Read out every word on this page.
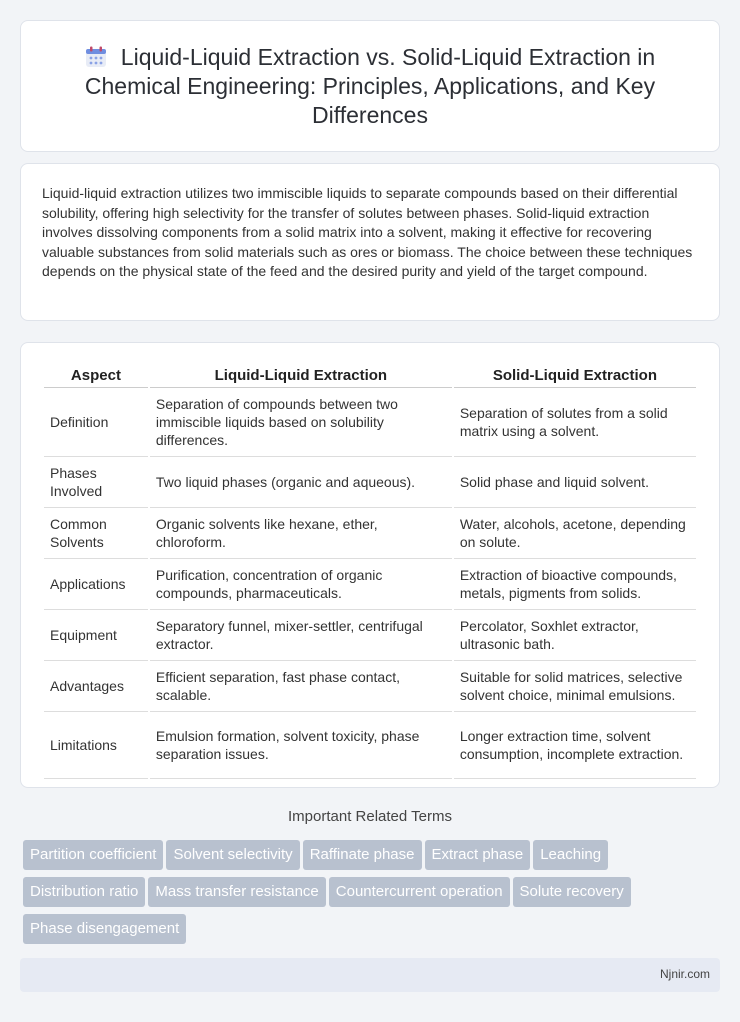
Liquid-Liquid Extraction vs. Solid-Liquid Extraction in Chemical Engineering: Principles, Applications, and Key Differences

Liquid-liquid extraction utilizes two immiscible liquids to separate compounds based on their differential solubility, offering high selectivity for the transfer of solutes between phases. Solid-liquid extraction involves dissolving components from a solid matrix into a solvent, making it effective for recovering valuable substances from solid materials such as ores or biomass. The choice between these techniques depends on the physical state of the feed and the desired purity and yield of the target compound.

Aspect	Liquid-Liquid Extraction	Solid-Liquid Extraction
Definition	Separation of compounds between two immiscible liquids based on solubility differences.	Separation of solutes from a solid matrix using a solvent.
Phases Involved	Two liquid phases (organic and aqueous).	Solid phase and liquid solvent.
Common Solvents	Organic solvents like hexane, ether, chloroform.	Water, alcohols, acetone, depending on solute.
Applications	Purification, concentration of organic compounds, pharmaceuticals.	Extraction of bioactive compounds, metals, pigments from solids.
Equipment	Separatory funnel, mixer-settler, centrifugal extractor.	Percolator, Soxhlet extractor, ultrasonic bath.
Advantages	Efficient separation, fast phase contact, scalable.	Suitable for solid matrices, selective solvent choice, minimal emulsions.
Limitations	Emulsion formation, solvent toxicity, phase separation issues.	Longer extraction time, solvent consumption, incomplete extraction.
Important Related Terms
Partition coefficient Solvent selectivity Raffinate phase Extract phase Leaching
Distribution ratio Mass transfer resistance Countercurrent operation Solute recovery
Phase disengagement
Njnir.com
